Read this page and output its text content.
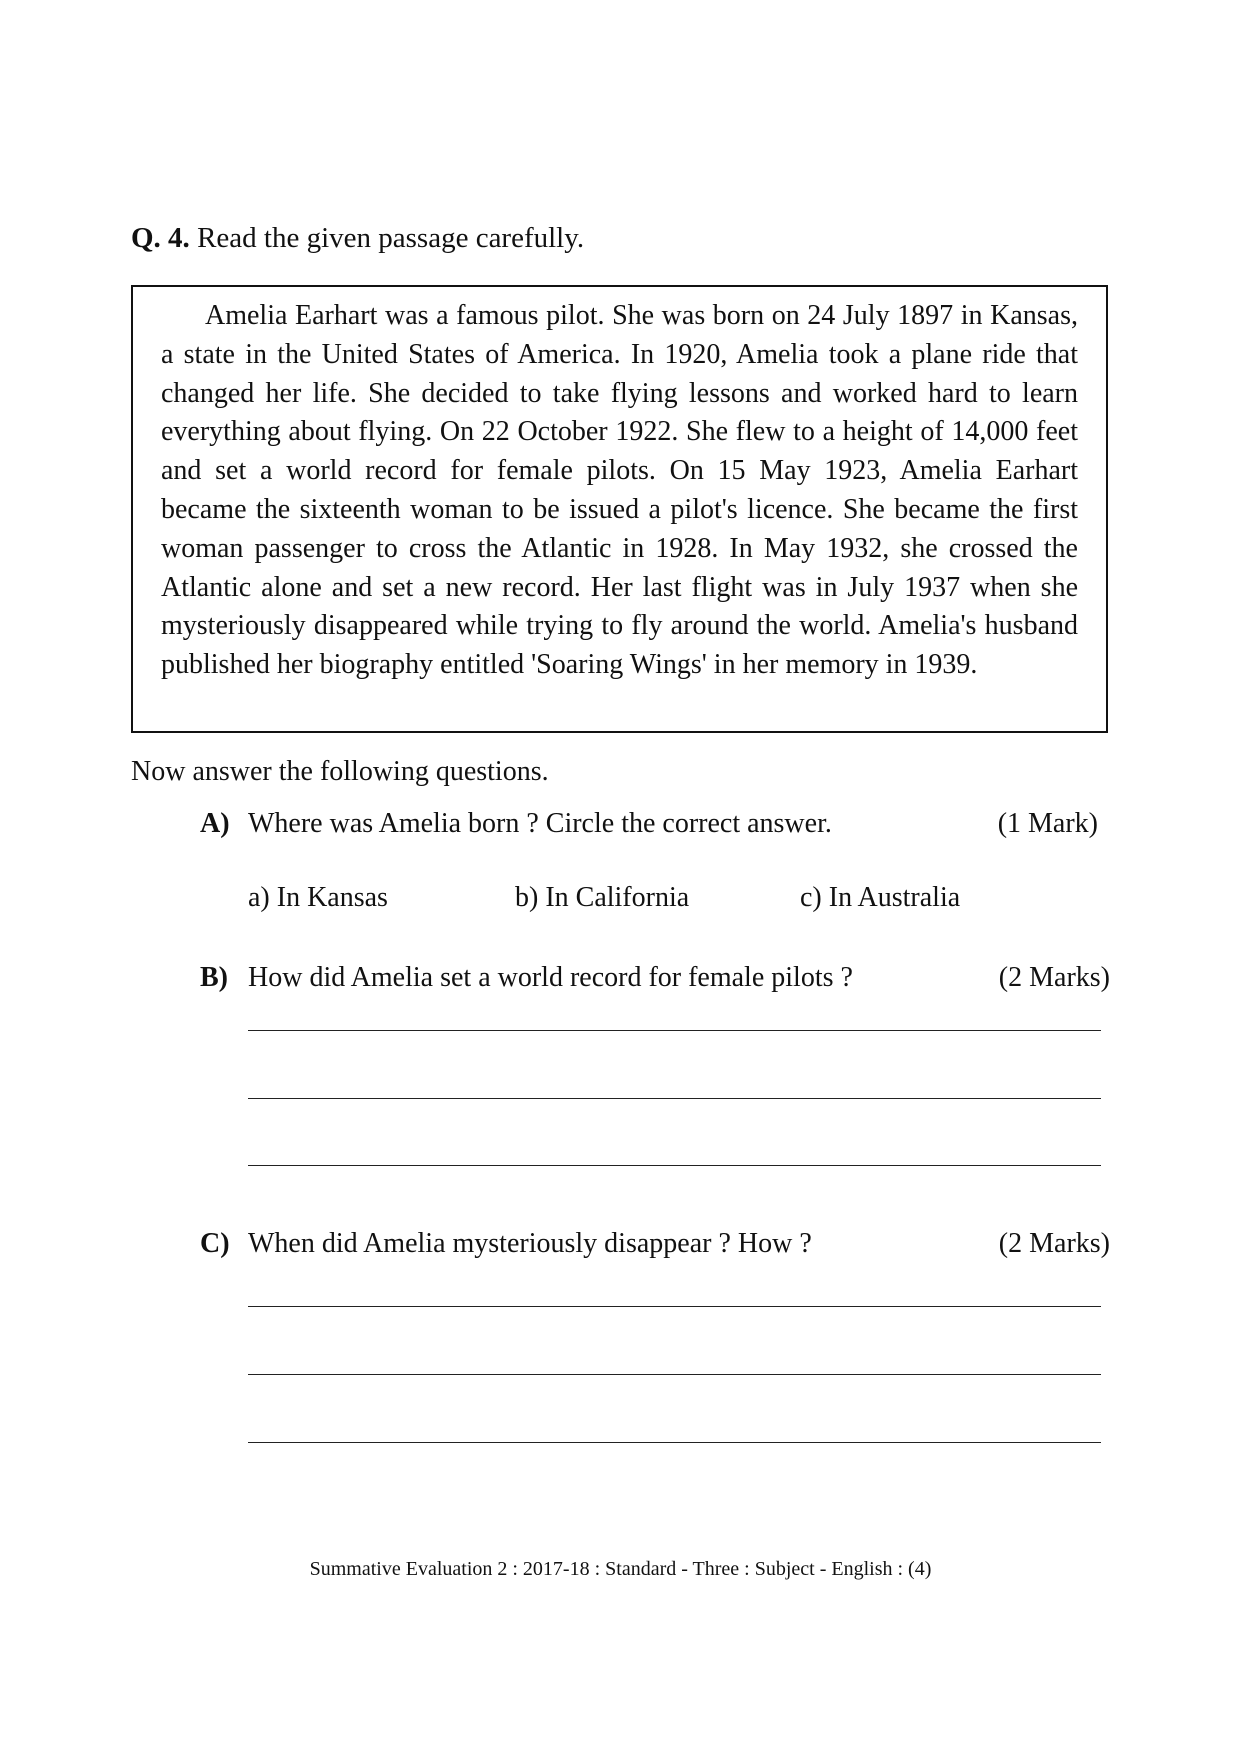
Q. 4. Read the given passage carefully.

Amelia Earhart was a famous pilot. She was born on 24 July 1897 in Kansas, a state in the United States of America. In 1920, Amelia took a plane ride that changed her life. She decided to take flying lessons and worked hard to learn everything about flying. On 22 October 1922. She flew to a height of 14,000 feet and set a world record for female pilots. On 15 May 1923, Amelia Earhart became the sixteenth woman to be issued a pilot's licence. She became the first woman passenger to cross the Atlantic in 1928. In May 1932, she crossed the Atlantic alone and set a new record. Her last flight was in July 1937 when she mysteriously disappeared while trying to fly around the world. Amelia's husband published her biography entitled 'Soaring Wings' in her memory in 1939.

Now answer the following questions.
A) Where was Amelia born ? Circle the correct answer.	(1 Mark)
a) In Kansas	b) In California	c) In Australia
B) How did Amelia set a world record for female pilots ?	(2 Marks)
C) When did Amelia mysteriously disappear ? How ?	(2 Marks)
Summative Evaluation 2 : 2017-18 : Standard - Three : Subject - English : (4)
